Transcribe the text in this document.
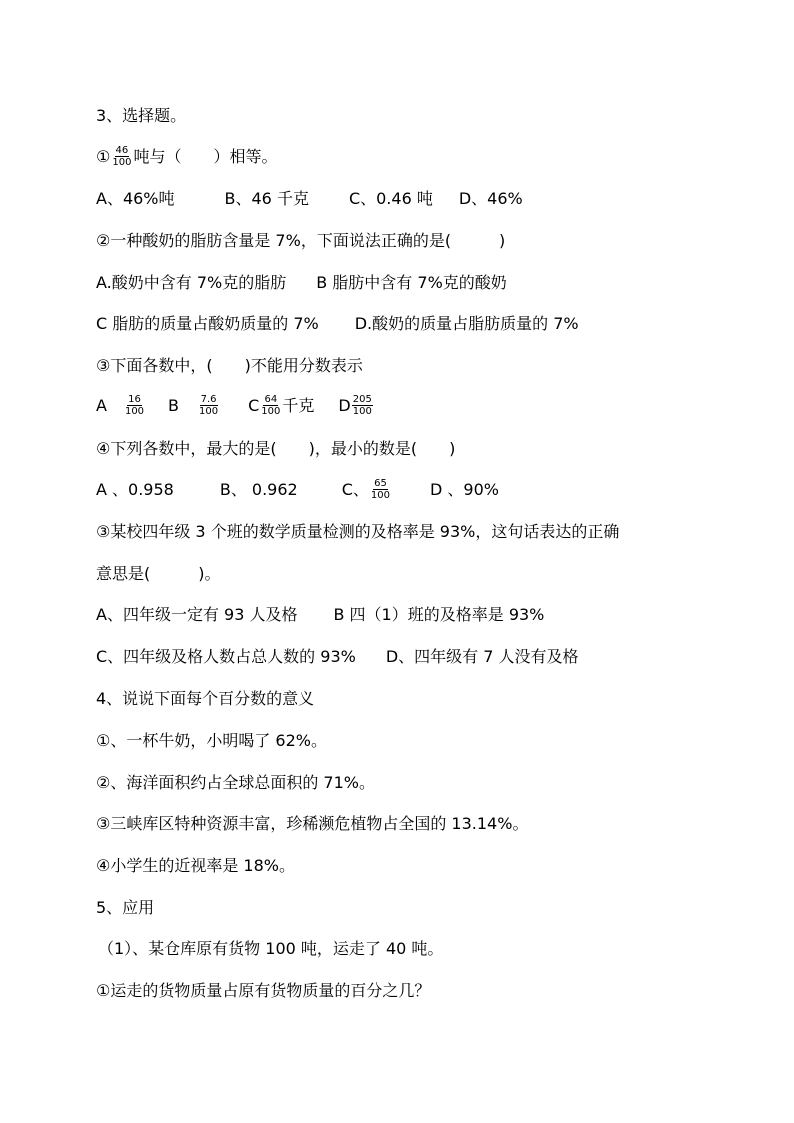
3、选择题。
① $\frac{46}{100}$ 吨与（　　）相等。
A、46%吨	B、46 千克	C、0.46 吨 D、46%
②一种酸奶的脂肪含量是 7%，下面说法正确的是(　　　)
A.酸奶中含有 7%克的脂肪 B 脂肪中含有 7%克的酸奶
C 脂肪的质量占酸奶质量的 7% D.酸奶的质量占脂肪质量的 7%
③下面各数中，(　　)不能用分数表示
A $\frac{16}{100}$ B $\frac{7.6}{100}$ C $\frac{64}{100}$ 千克 D $\frac{205}{100}$
④下列各数中，最大的是(　　)，最小的数是(　　)
A 、0.958	B、 0.962	C、 $\frac{65}{100}$ D 、90%
③某校四年级 3 个班的数学质量检测的及格率是 93%，这句话表达的正确
意思是(　　　)。
A、四年级一定有 93 人及格 B 四（1）班的及格率是 93%
C、四年级及格人数占总人数的 93% D、四年级有 7 人没有及格
4、说说下面每个百分数的意义
①、一杯牛奶，小明喝了 62%。
②、海洋面积约占全球总面积的 71%。
③三峡库区特种资源丰富，珍稀濒危植物占全国的 13.14%。
④小学生的近视率是 18%。
5、应用
（1）、某仓库原有货物 100 吨，运走了 40 吨。
①运走的货物质量占原有货物质量的百分之几？
